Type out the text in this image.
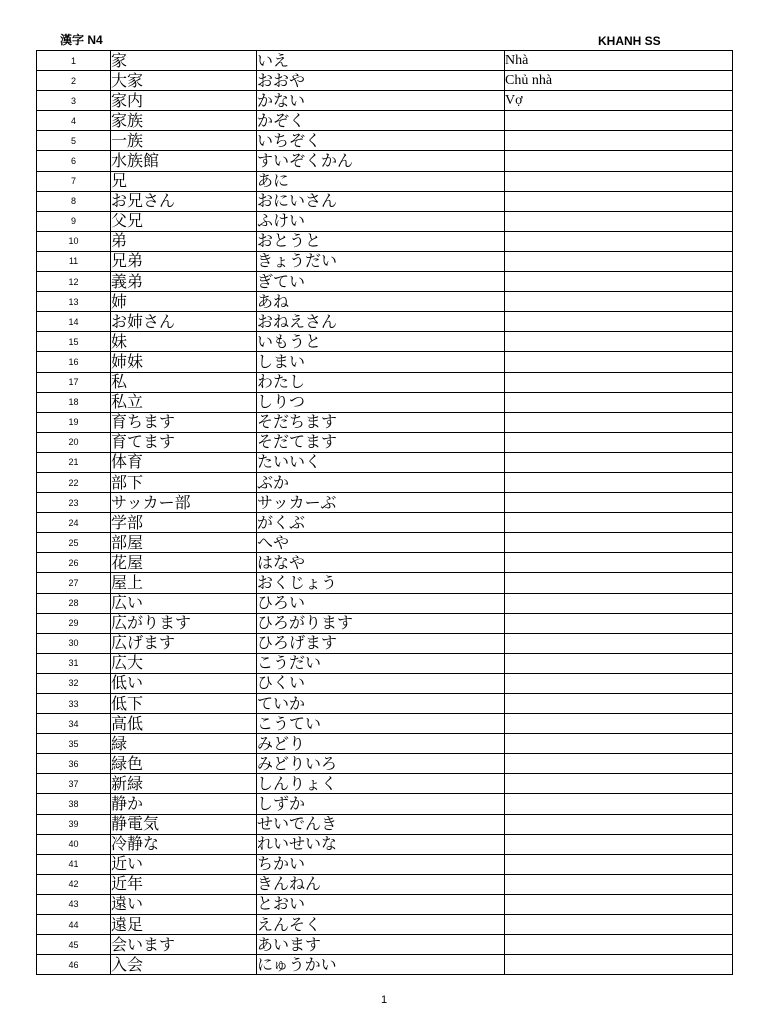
漢字 N4	KHANH SS
1	家	いえ	Nhà
2	大家	おおや	Chủ nhà
3	家内	かない	Vợ
4	家族	かぞく	
5	一族	いちぞく	
6	水族館	すいぞくかん	
7	兄	あに	
8	お兄さん	おにいさん	
9	父兄	ふけい	
10	弟	おとうと	
11	兄弟	きょうだい	
12	義弟	ぎてい	
13	姉	あね	
14	お姉さん	おねえさん	
15	妹	いもうと	
16	姉妹	しまい	
17	私	わたし	
18	私立	しりつ	
19	育ちます	そだちます	
20	育てます	そだてます	
21	体育	たいいく	
22	部下	ぶか	
23	サッカー部	サッカーぶ	
24	学部	がくぶ	
25	部屋	へや	
26	花屋	はなや	
27	屋上	おくじょう	
28	広い	ひろい	
29	広がります	ひろがります	
30	広げます	ひろげます	
31	広大	こうだい	
32	低い	ひくい	
33	低下	ていか	
34	高低	こうてい	
35	緑	みどり	
36	緑色	みどりいろ	
37	新緑	しんりょく	
38	静か	しずか	
39	静電気	せいでんき	
40	冷静な	れいせいな	
41	近い	ちかい	
42	近年	きんねん	
43	遠い	とおい	
44	遠足	えんそく	
45	会います	あいます	
46	入会	にゅうかい	
1
